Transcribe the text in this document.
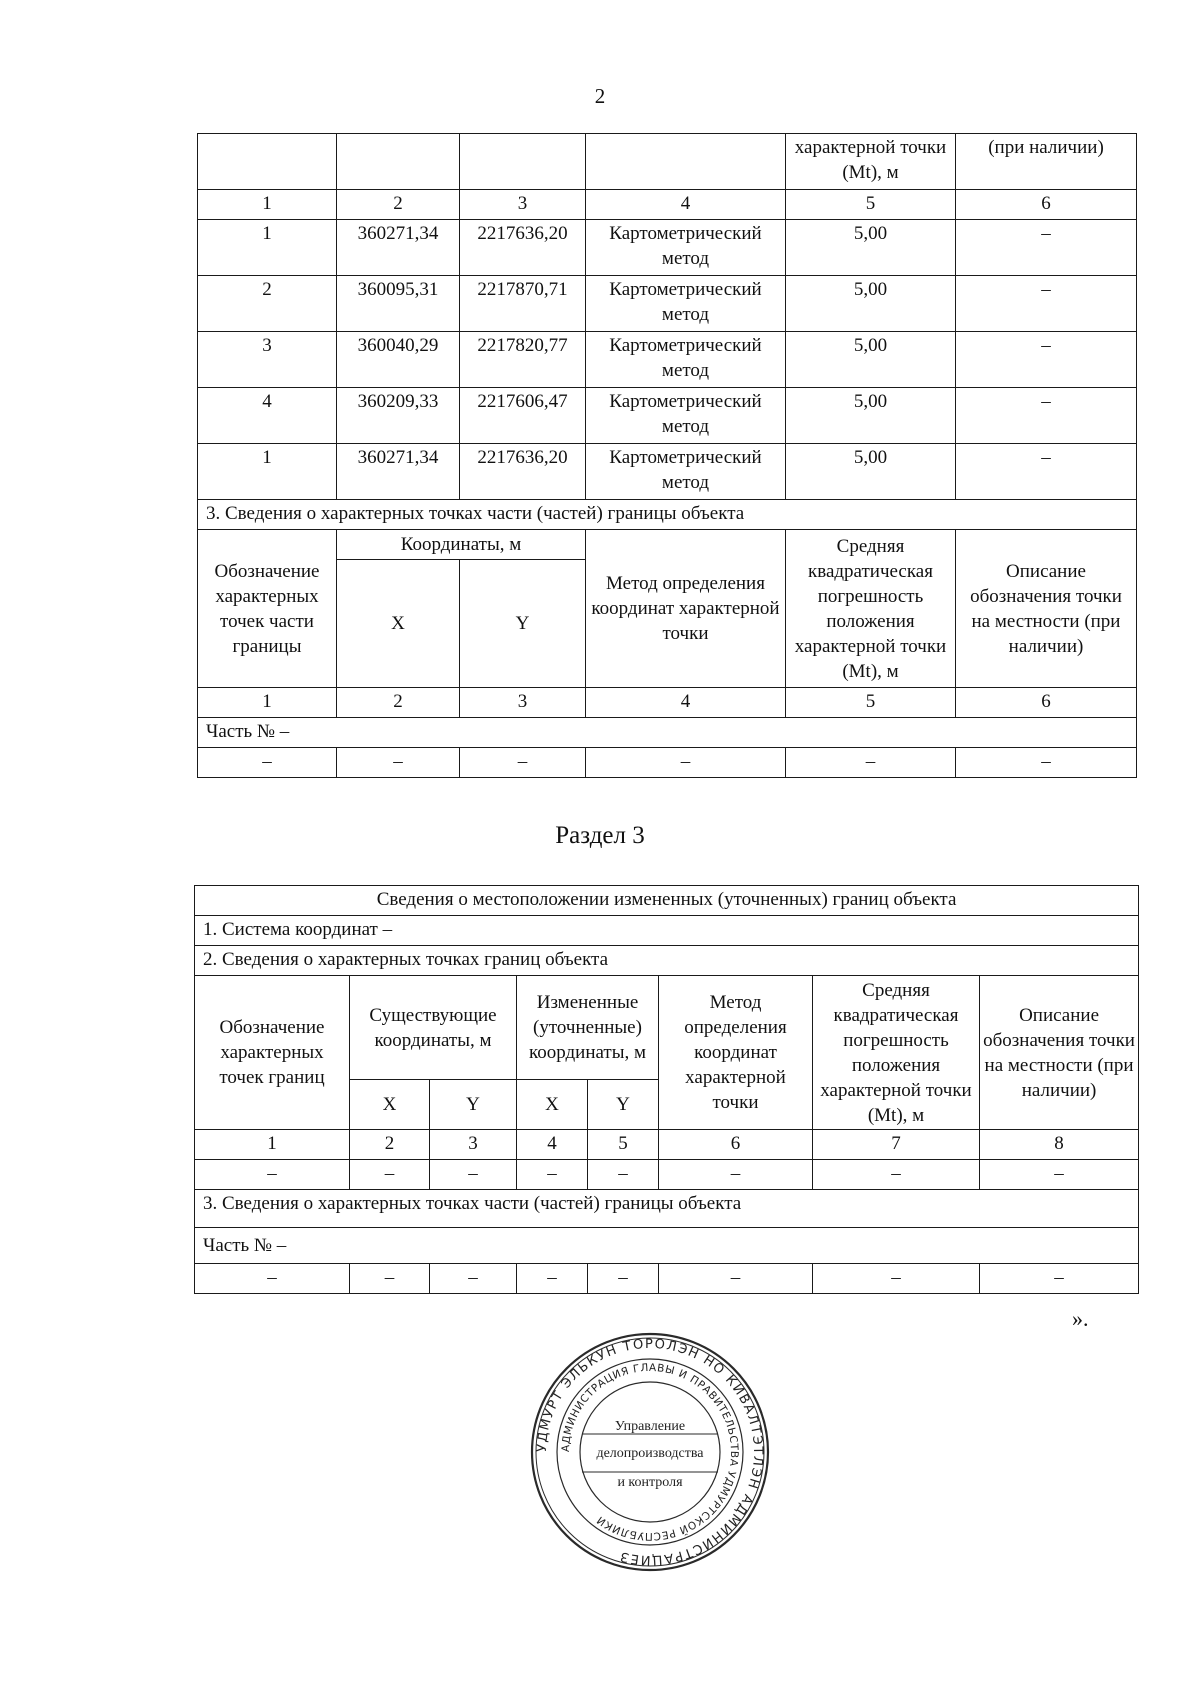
2
				характерной точки (Mt), м	(при наличии)
1	2	3	4	5	6
1	360271,34	2217636,20	Картометрический метод	5,00	–
2	360095,31	2217870,71	Картометрический метод	5,00	–
3	360040,29	2217820,77	Картометрический метод	5,00	–
4	360209,33	2217606,47	Картометрический метод	5,00	–
1	360271,34	2217636,20	Картометрический метод	5,00	–
3. Сведения о характерных точках части (частей) границы объекта					
Обозначение характерных точек части границы	Координаты, м		Метод определения координат характерной точки	Средняя квадратическая погрешность положения характерной точки (Mt), м	Описание обозначения точки на местности (при наличии)
	X	Y			
1	2	3	4	5	6
Часть № –					
–	–	–	–	–	–
Раздел 3
Сведения о местоположении измененных (уточненных) границ объекта							
1. Система координат –							
2. Сведения о характерных точках границ объекта							
Обозначение характерных точек границ	Существующие координаты, м		Измененные (уточненные) координаты, м		Метод определения координат характерной точки	Средняя квадратическая погрешность положения характерной точки (Mt), м	Описание обозначения точки на местности (при наличии)
	X	Y	X	Y			
1	2	3	4	5	6	7	8
–	–	–	–	–	–	–	–
3. Сведения о характерных точках части (частей) границы объекта							
Часть № –							
–	–	–	–	–	–	–	–
».
УДМУРТ ЭЛЬКУН ТОРОЛЭН НО КИВАЛТЭТЛЭН АДМИНИСТРАЦИЕЗ
АДМИНИСТРАЦИЯ ГЛАВЫ И ПРАВИТЕЛЬСТВА УДМУРТСКОЙ РЕСПУБЛИКИ
Управление
делопроизводства
и контроля
